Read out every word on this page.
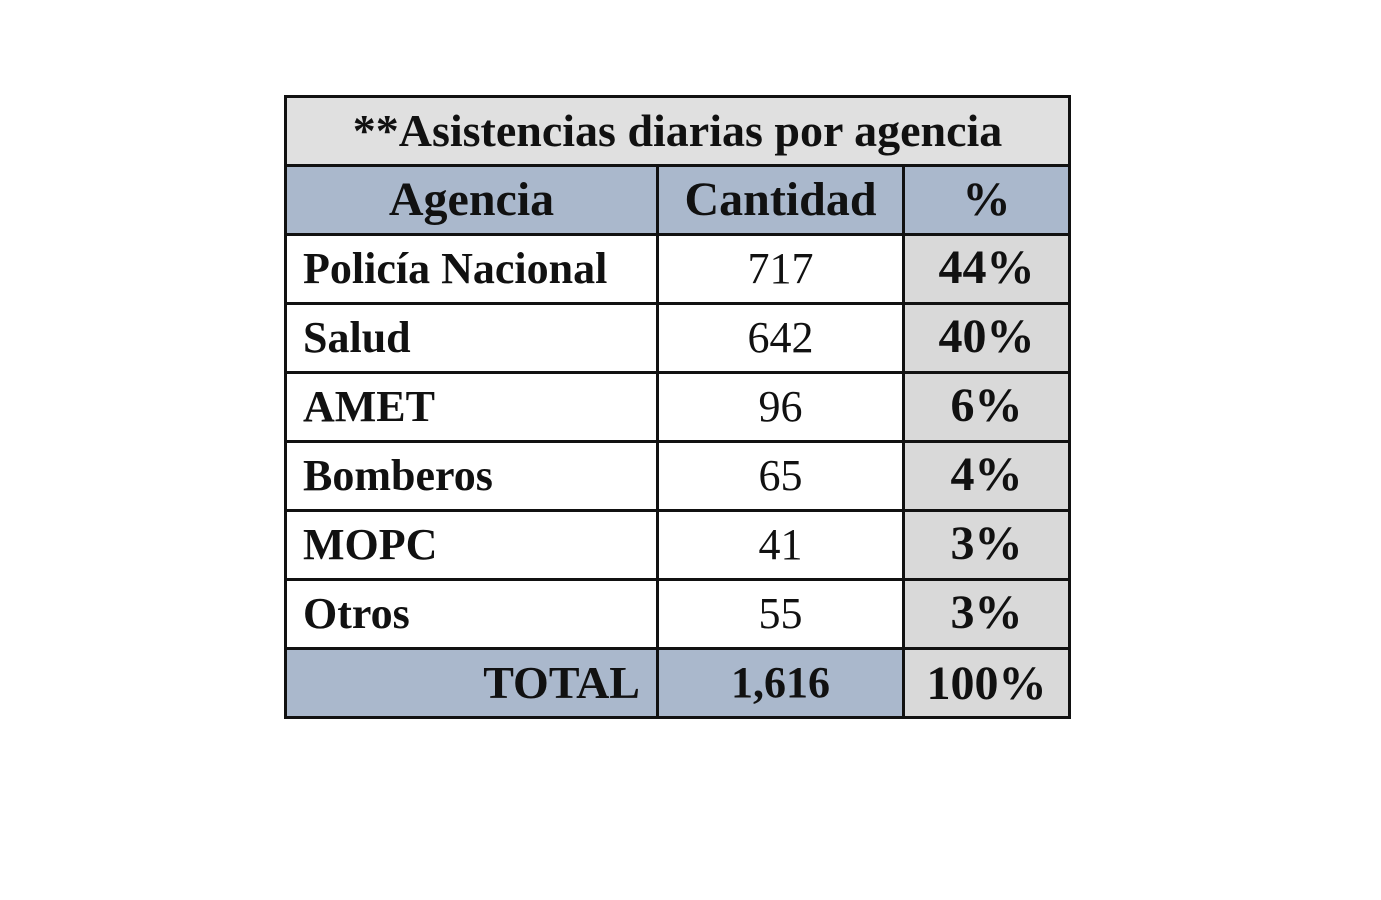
**Asistencias diarias por agencia		
Agencia	Cantidad	%
Policía Nacional	717	44%
Salud	642	40%
AMET	96	6%
Bomberos	65	4%
MOPC	41	3%
Otros	55	3%
TOTAL	1,616	100%
